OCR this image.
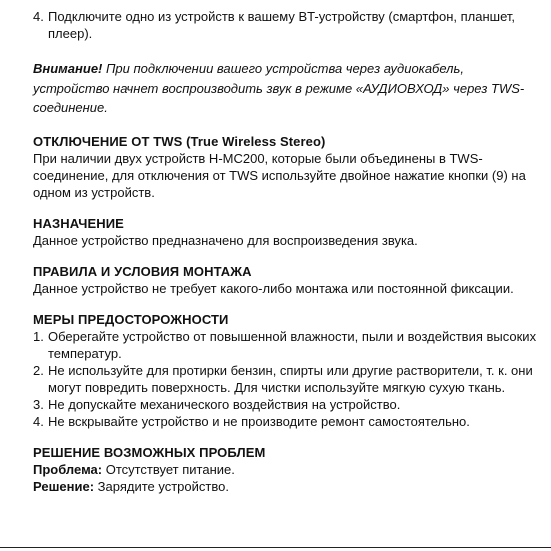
4. Подключите одно из устройств к вашему BT-устройству (смартфон, планшет, плеер).

Внимание! При подключении вашего устройства через аудиокабель, устройство начнет воспроизводить звук в режиме «АУДИОВХОД» через TWS-соединение.

ОТКЛЮЧЕНИЕ ОТ TWS (True Wireless Stereo)

При наличии двух устройств H-MC200, которые были объединены в TWS-соединение, для отключения от TWS используйте двойное нажатие кнопки (9) на одном из устройств.

НАЗНАЧЕНИЕ

Данное устройство предназначено для воспроизведения звука.

ПРАВИЛА И УСЛОВИЯ МОНТАЖА

Данное устройство не требует какого-либо монтажа или постоянной фиксации.

МЕРЫ ПРЕДОСТОРОЖНОСТИ
1. Оберегайте устройство от повышенной влажности, пыли и воздействия высоких температур.
2. Не используйте для протирки бензин, спирты или другие растворители, т. к. они могут повредить поверхность. Для чистки используйте мягкую сухую ткань.
3. Не допускайте механического воздействия на устройство.
4. Не вскрывайте устройство и не производите ремонт самостоятельно.
РЕШЕНИЕ ВОЗМОЖНЫХ ПРОБЛЕМ

Проблема: Отсутствует питание.

Решение: Зарядите устройство.
